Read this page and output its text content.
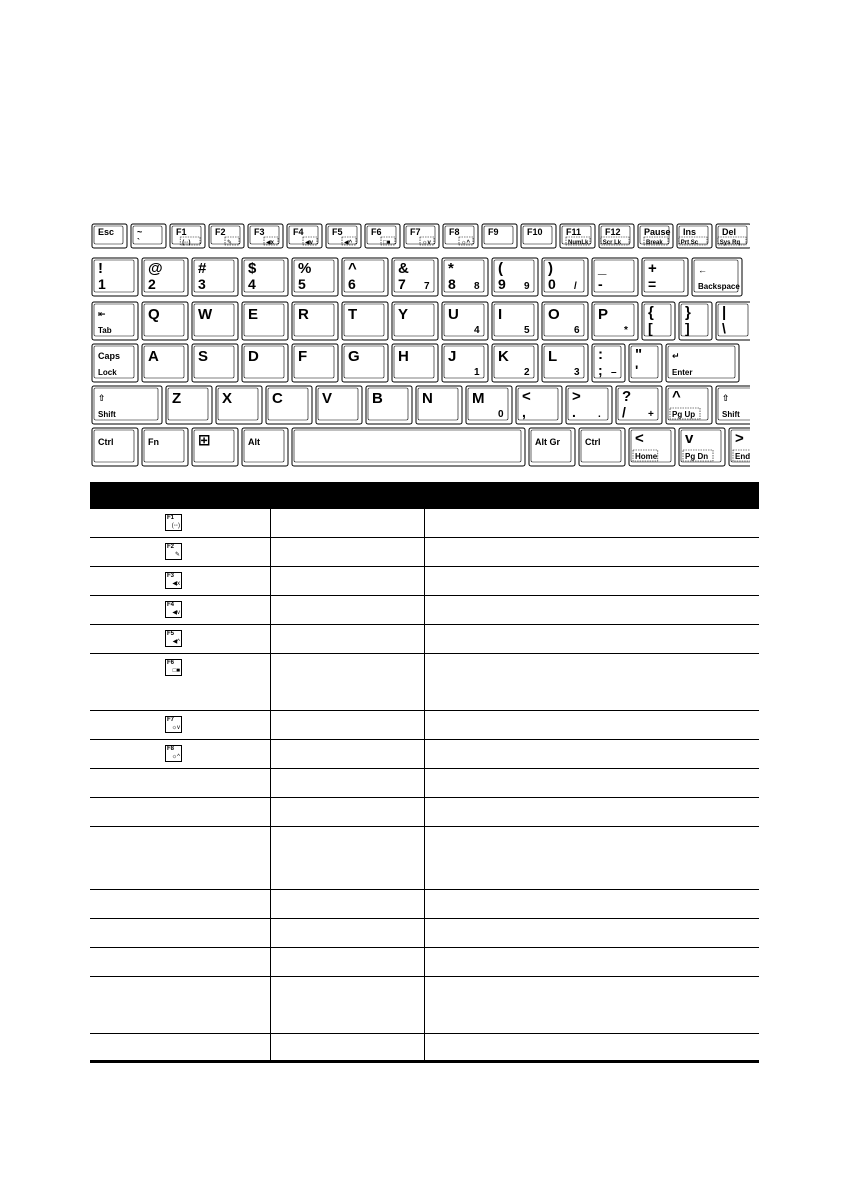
Esc	~
`
F1
(◦◦)
F2
✎
F3
◀x
F4
◀v
F5
◀^
F6
□■
F7
☼v
F8
☼^
F9	F10	F11
NumLk
F12
Scr Lk
Pause
Break
Ins
Prt Sc
Del
Sys Rq
!
1
@
2
#
3
$
4
%
5
^
6
&
7 7
*
8 8
(
9 9
)
0 /
_
-
+
=
←
Backspace
⇤
Tab
Q	W E	R	T	Y	U
4
I
5
O
6
P
*
{
[
}
]
|
\
Caps
Lock
A	S	D	F	G	H	J
1
K
2
L
3
:
; –
"
'
↵
Enter
⇧
Shift
Z	X	C	V	B	N	M
0
<
,
>
. .
?
/ +
^
Pg Up
⇧
Shift
Ctrl	Fn	⊞	Alt	Alt Gr	Ctrl <
Home
v
Pg Dn
>
End
F1
(◦◦)
F2
✎
F3
◀x
F4
◀v
F5
◀^
F6
□■
F7
☼v
F8
☼^
